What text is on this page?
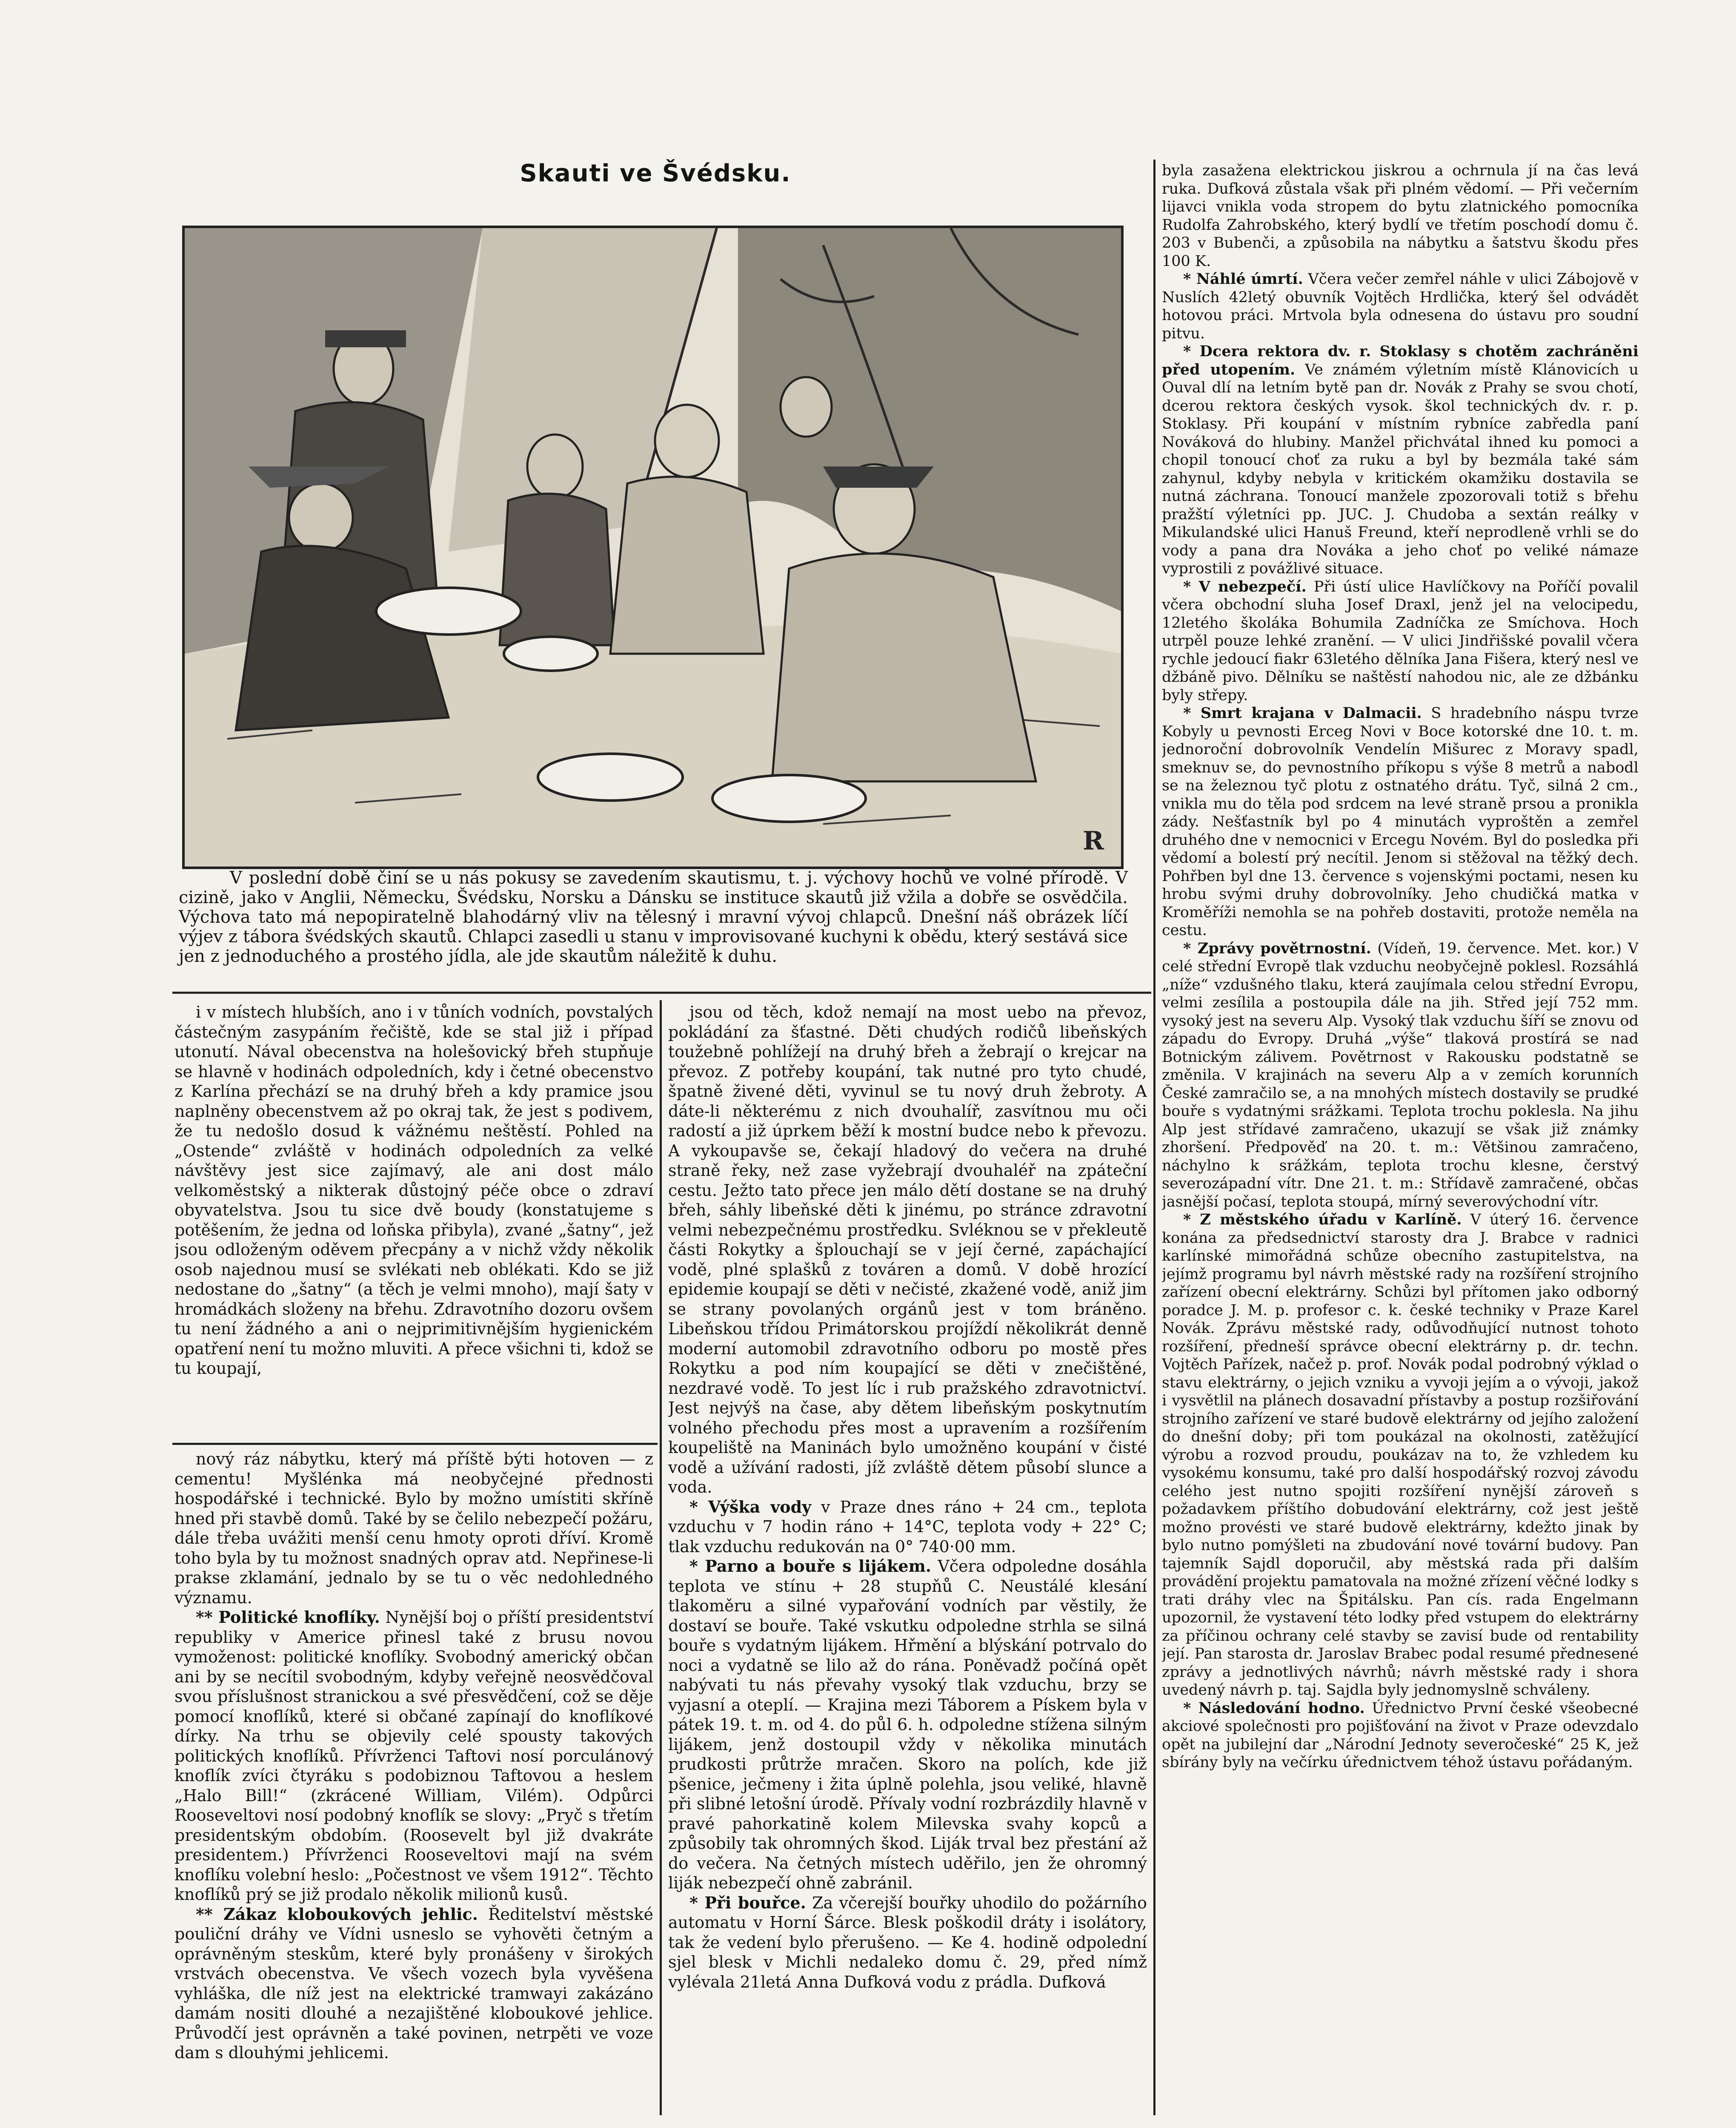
Skauti ve Švédsku.
R
V poslední době činí se u nás pokusy se zavedením skautismu, t. j. výchovy hochů ve volné přírodě. V cizině, jako v Anglii, Německu, Švédsku, Norsku a Dánsku se instituce skautů již vžila a dobře se osvědčila. Výchova tato má nepopiratelně blahodárný vliv na tělesný i mravní vývoj chlapců. Dnešní náš obrázek líčí výjev z tábora švédských skautů. Chlapci zasedli u stanu v improvisované kuchyni k obědu, který sestává sice jen z jednoduchého a prostého jídla, ale jde skautům náležitě k duhu.

i v místech hlubších, ano i v tůních vodních, povstalých částečným zasypáním řečiště, kde se stal již i případ utonutí. Nával obecenstva na holešovický břeh stupňuje se hlavně v hodinách odpoledních, kdy i četné obecenstvo z Karlína přechází se na druhý břeh a kdy pramice jsou naplněny obecenstvem až po okraj tak, že jest s podivem, že tu nedošlo dosud k vážnému neštěstí. Pohled na „Ostende“ zvláště v hodinách odpoledních za velké návštěvy jest sice zajímavý, ale ani dost málo velkoměstský a nikterak důstojný péče obce o zdraví obyvatelstva. Jsou tu sice dvě boudy (konstatujeme s potěšením, že jedna od loňska přibyla), zvané „šatny“, jež jsou odloženým oděvem přecpány a v nichž vždy několik osob najednou musí se svlékati neb oblékati. Kdo se již nedostane do „šatny“ (a těch je velmi mnoho), mají šaty v hromádkách složeny na břehu. Zdravotního dozoru ovšem tu není žádného a ani o nejprimitivnějším hygienickém opatření není tu možno mluviti. A přece všichni ti, kdož se tu koupají,

nový ráz nábytku, který má příště býti hotoven — z cementu! Myšlénka má neobyčejné přednosti hospodářské i technické. Bylo by možno umístiti skříně hned při stavbě domů. Také by se čelilo nebezpečí požáru, dále třeba uvážiti menší cenu hmoty oproti dříví. Kromě toho byla by tu možnost snadných oprav atd. Nepřinese-li prakse zklamání, jednalo by se tu o věc nedohledného významu.

** Politické knoflíky. Nynější boj o příští presidentství republiky v Americe přinesl také z brusu novou vymoženost: politické knoflíky. Svobodný americký občan ani by se necítil svobodným, kdyby veřejně neosvědčoval svou příslušnost stranickou a své přesvědčení, což se děje pomocí knoflíků, které si občané zapínají do knoflíkové dírky. Na trhu se objevily celé spousty takových politických knoflíků. Přívrženci Taftovi nosí porculánový knoflík zvíci čtyráku s podobiznou Taftovou a heslem „Halo Bill!“ (zkrácené William, Vilém). Odpůrci Rooseveltovi nosí podobný knoflík se slovy: „Pryč s třetím presidentským obdobím. (Roosevelt byl již dvakráte presidentem.) Přívrženci Rooseveltovi mají na svém knoflíku volební heslo: „Počestnost ve všem 1912“. Těchto knoflíků prý se již prodalo několik milionů kusů.

** Zákaz kloboukových jehlic. Ředitelství městské pouliční dráhy ve Vídni usneslo se vyhověti četným a oprávněným steskům, které byly pronášeny v širokých vrstvách obecenstva. Ve všech vozech byla vyvěšena vyhláška, dle níž jest na elektrické tramwayi zakázáno damám nositi dlouhé a nezajištěné kloboukové jehlice. Průvodčí jest oprávněn a také povinen, netrpěti ve voze dam s dlouhými jehlicemi.

jsou od těch, kdož nemají na most uebo na převoz, pokládání za šťastné. Děti chudých rodičů libeňských toužebně pohlížejí na druhý břeh a žebrají o krejcar na převoz. Z potřeby koupání, tak nutné pro tyto chudé, špatně živené děti, vyvinul se tu nový druh žebroty. A dáte-li některému z nich dvouhalíř, zasvítnou mu oči radostí a již úprkem běží k mostní budce nebo k převozu. A vykoupavše se, čekají hladový do večera na druhé straně řeky, než zase vyžebrají dvouhaléř na zpáteční cestu. Ježto tato přece jen málo dětí dostane se na druhý břeh, sáhly libeňské děti k jinému, po stránce zdravotní velmi nebezpečnému prostředku. Svléknou se v překleutě části Rokytky a šplouchají se v její černé, zapáchající vodě, plné splašků z továren a domů. V době hrozící epidemie koupají se děti v nečisté, zkažené vodě, aniž jim se strany povolaných orgánů jest v tom bráněno. Libeňskou třídou Primátorskou projíždí několikrát denně moderní automobil zdravotního odboru po mostě přes Rokytku a pod ním koupající se děti v znečištěné, nezdravé vodě. To jest líc i rub pražského zdravotnictví. Jest nejvýš na čase, aby dětem libeňským poskytnutím volného přechodu přes most a upravením a rozšířením koupeliště na Maninách bylo umožněno koupání v čisté vodě a užívání radosti, jíž zvláště dětem působí slunce a voda.

* Výška vody v Praze dnes ráno + 24 cm., teplota vzduchu v 7 hodin ráno + 14°C, teplota vody + 22° C; tlak vzduchu redukován na 0° 740·00 mm.

* Parno a bouře s lijákem. Včera odpoledne dosáhla teplota ve stínu + 28 stupňů C. Neustálé klesání tlakoměru a silné vypařování vodních par věstily, že dostaví se bouře. Také vskutku odpoledne strhla se silná bouře s vydatným lijákem. Hřmění a blýskání potrvalo do noci a vydatně se lilo až do rána. Poněvadž počíná opět nabývati tu nás převahy vysoký tlak vzduchu, brzy se vyjasní a oteplí. — Krajina mezi Táborem a Pískem byla v pátek 19. t. m. od 4. do půl 6. h. odpoledne stížena silným lijákem, jenž dostoupil vždy v několika minutách prudkosti průtrže mračen. Skoro na polích, kde již pšenice, ječmeny i žita úplně polehla, jsou veliké, hlavně při slibné letošní úrodě. Přívaly vodní rozbrázdily hlavně v pravé pahorkatině kolem Milevska svahy kopců a způsobily tak ohromných škod. Liják trval bez přestání až do večera. Na četných místech uděřilo, jen že ohromný liják nebezpečí ohně zabránil.

* Při bouřce. Za včerejší bouřky uhodilo do požárního automatu v Horní Šárce. Blesk poškodil dráty i isolátory, tak že vedení bylo přerušeno. — Ke 4. hodině odpolední sjel blesk v Michli nedaleko domu č. 29, před nímž vylévala 21letá Anna Dufková vodu z prádla. Dufková

byla zasažena elektrickou jiskrou a ochrnula jí na čas levá ruka. Dufková zůstala však při plném vědomí. — Při večerním lijavci vnikla voda stropem do bytu zlatnického pomocníka Rudolfa Zahrobského, který bydlí ve třetím poschodí domu č. 203 v Bubenči, a způsobila na nábytku a šatstvu škodu přes 100 K.

* Náhlé úmrtí. Včera večer zemřel náhle v ulici Zábojově v Nuslích 42letý obuvník Vojtěch Hrdlička, který šel odvádět hotovou práci. Mrtvola byla odnesena do ústavu pro soudní pitvu.

* Dcera rektora dv. r. Stoklasy s chotěm zachráněni před utopením. Ve známém výletním místě Klánovicích u Ouval dlí na letním bytě pan dr. Novák z Prahy se svou chotí, dcerou rektora českých vysok. škol technických dv. r. p. Stoklasy. Při koupání v místním rybníce zabředla paní Nováková do hlubiny. Manžel přichvátal ihned ku pomoci a chopil tonoucí choť za ruku a byl by bezmála také sám zahynul, kdyby nebyla v kritickém okamžiku dostavila se nutná záchrana. Tonoucí manžele zpozorovali totiž s břehu pražští výletníci pp. JUC. J. Chudoba a sextán reálky v Mikulandské ulici Hanuš Freund, kteří neprodleně vrhli se do vody a pana dra Nováka a jeho choť po veliké námaze vyprostili z povážlivé situace.

* V nebezpečí. Při ústí ulice Havlíčkovy na Poříčí povalil včera obchodní sluha Josef Draxl, jenž jel na velocipedu, 12letého školáka Bohumila Zadníčka ze Smíchova. Hoch utrpěl pouze lehké zranění. — V ulici Jindřišské povalil včera rychle jedoucí fiakr 63letého dělníka Jana Fišera, který nesl ve džbáně pivo. Dělníku se naštěstí nahodou nic, ale ze džbánku byly střepy.

* Smrt krajana v Dalmacii. S hradebního náspu tvrze Kobyly u pevnosti Erceg Novi v Boce kotorské dne 10. t. m. jednoroční dobrovolník Vendelín Mišurec z Moravy spadl, smeknuv se, do pevnostního příkopu s výše 8 metrů a nabodl se na železnou tyč plotu z ostnatého drátu. Tyč, silná 2 cm., vnikla mu do těla pod srdcem na levé straně prsou a pronikla zády. Nešťastník byl po 4 minutách vyproštěn a zemřel druhého dne v nemocnici v Ercegu Novém. Byl do posledka při vědomí a bolestí prý necítil. Jenom si stěžoval na těžký dech. Pohřben byl dne 13. července s vojenskými poctami, nesen ku hrobu svými druhy dobrovolníky. Jeho chudičká matka v Kroměříži nemohla se na pohřeb dostaviti, protože neměla na cestu.

* Zprávy povětrnostní. (Vídeň, 19. července. Met. kor.) V celé střední Evropě tlak vzduchu neobyčejně poklesl. Rozsáhlá „níže“ vzdušného tlaku, která zaujímala celou střední Evropu, velmi zesílila a postoupila dále na jih. Střed její 752 mm. vysoký jest na severu Alp. Vysoký tlak vzduchu šíří se znovu od západu do Evropy. Druhá „výše“ tlaková prostírá se nad Botnickým zálivem. Povětrnost v Rakousku podstatně se změnila. V krajinách na severu Alp a v zemích korunních České zamračilo se, a na mnohých místech dostavily se prudké bouře s vydatnými srážkami. Teplota trochu poklesla. Na jihu Alp jest střídavé zamračeno, ukazují se však již známky zhoršení. Předpověď na 20. t. m.: Většinou zamračeno, náchylno k srážkám, teplota trochu klesne, čerstvý severozápadní vítr. Dne 21. t. m.: Střídavě zamračené, občas jasnější počasí, teplota stoupá, mírný severovýchodní vítr.

* Z městského úřadu v Karlíně. V úterý 16. července konána za předsednictví starosty dra J. Brabce v radnici karlínské mimořádná schůze obecního zastupitelstva, na jejímž programu byl návrh městské rady na rozšíření strojního zařízení obecní elektrárny. Schůzi byl přítomen jako odborný poradce J. M. p. profesor c. k. české techniky v Praze Karel Novák. Zprávu městské rady, odůvodňující nutnost tohoto rozšíření, předneší správce obecní elektrárny p. dr. techn. Vojtěch Pařízek, načež p. prof. Novák podal podrobný výklad o stavu elektrárny, o jejich vzniku a vyvoji jejím a o vývoji, jakož i vysvětlil na plánech dosavadní přístavby a postup rozšiřování strojního zařízení ve staré budově elektrárny od jejího založení do dnešní doby; při tom poukázal na okolnosti, zatěžující výrobu a rozvod proudu, poukázav na to, že vzhledem ku vysokému konsumu, také pro další hospodářský rozvoj závodu celého jest nutno spojiti rozšíření nynější zároveň s požadavkem příštího dobudování elektrárny, což jest ještě možno provésti ve staré budově elektrárny, kdežto jinak by bylo nutno pomýšleti na zbudování nové tovární budovy. Pan tajemník Sajdl doporučil, aby městská rada při dalším provádění projektu pamatovala na možné zřízení věčné lodky s trati dráhy vlec na Špitálsku. Pan cís. rada Engelmann upozornil, že vystavení této lodky před vstupem do elektrárny za příčinou ochrany celé stavby se zavisí bude od rentability její. Pan starosta dr. Jaroslav Brabec podal resumé přednesené zprávy a jednotlivých návrhů; návrh městské rady i shora uvedený návrh p. taj. Sajdla byly jednomyslně schváleny.

* Následování hodno. Úřednictvo První české všeobecné akciové společnosti pro pojišťování na život v Praze odevzdalo opět na jubilejní dar „Národní Jednoty severočeské“ 25 K, jež sbírány byly na večírku úřednictvem téhož ústavu pořádaným.
